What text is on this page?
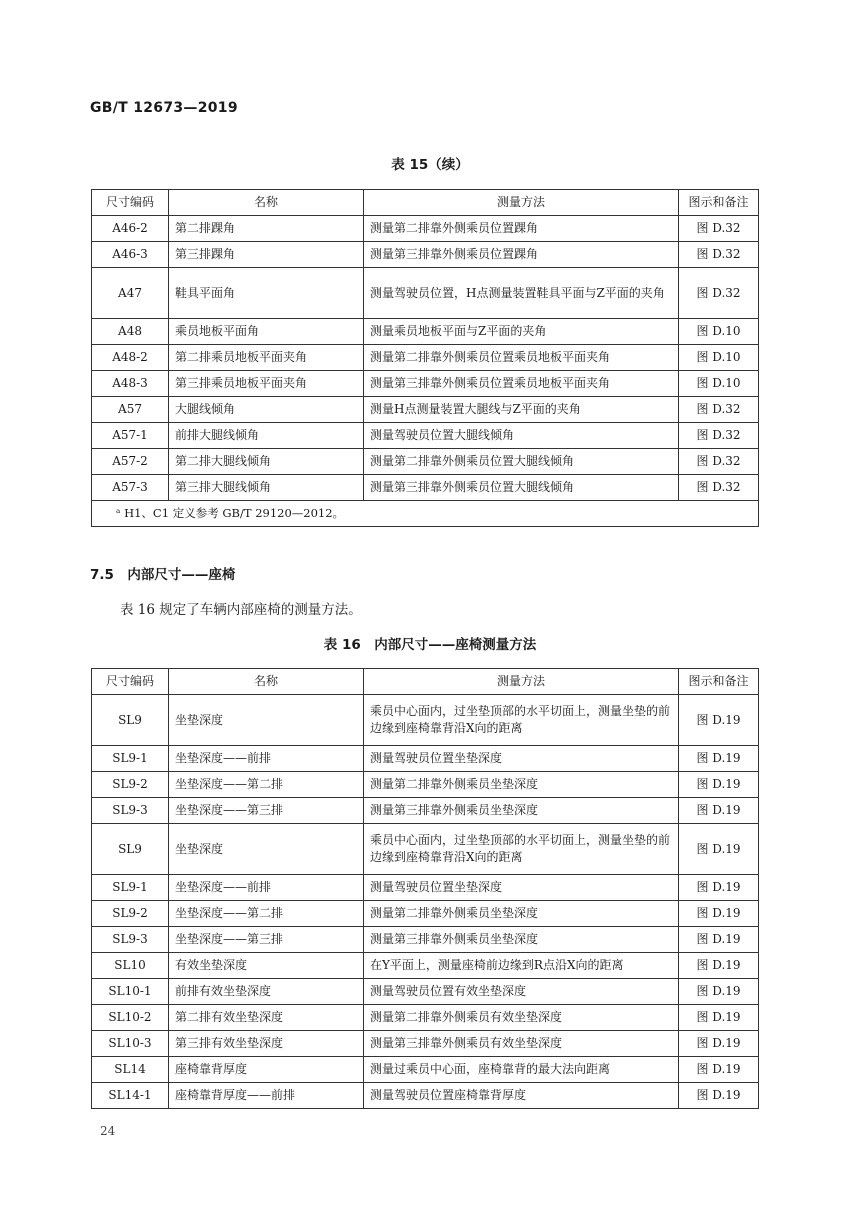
GB/T 12673—2019
表 15（续）
尺寸编码	名称	测量方法	图示和备注
A46-2	第二排踝角	测量第二排靠外侧乘员位置踝角	图 D.32
A46-3	第三排踝角	测量第三排靠外侧乘员位置踝角	图 D.32
A47	鞋具平面角	测量驾驶员位置，H点测量装置鞋具平面与Z平面的夹角	图 D.32
A48	乘员地板平面角	测量乘员地板平面与Z平面的夹角	图 D.10
A48-2	第二排乘员地板平面夹角	测量第二排靠外侧乘员位置乘员地板平面夹角	图 D.10
A48-3	第三排乘员地板平面夹角	测量第三排靠外侧乘员位置乘员地板平面夹角	图 D.10
A57	大腿线倾角	测量H点测量装置大腿线与Z平面的夹角	图 D.32
A57-1	前排大腿线倾角	测量驾驶员位置大腿线倾角	图 D.32
A57-2	第二排大腿线倾角	测量第二排靠外侧乘员位置大腿线倾角	图 D.32
A57-3	第三排大腿线倾角	测量第三排靠外侧乘员位置大腿线倾角	图 D.32
ᵃ H1、C1 定义参考 GB/T 29120—2012。			
7.5　内部尺寸——座椅
表 16 规定了车辆内部座椅的测量方法。
表 16　内部尺寸——座椅测量方法
尺寸编码	名称	测量方法	图示和备注
SL9	坐垫深度	乘员中心面内，过坐垫顶部的水平切面上，测量坐垫的前边缘到座椅靠背沿X向的距离	图 D.19
SL9-1	坐垫深度——前排	测量驾驶员位置坐垫深度	图 D.19
SL9-2	坐垫深度——第二排	测量第二排靠外侧乘员坐垫深度	图 D.19
SL9-3	坐垫深度——第三排	测量第三排靠外侧乘员坐垫深度	图 D.19
SL9	坐垫深度	乘员中心面内，过坐垫顶部的水平切面上，测量坐垫的前边缘到座椅靠背沿X向的距离	图 D.19
SL9-1	坐垫深度——前排	测量驾驶员位置坐垫深度	图 D.19
SL9-2	坐垫深度——第二排	测量第二排靠外侧乘员坐垫深度	图 D.19
SL9-3	坐垫深度——第三排	测量第三排靠外侧乘员坐垫深度	图 D.19
SL10	有效坐垫深度	在Y平面上，测量座椅前边缘到R点沿X向的距离	图 D.19
SL10-1	前排有效坐垫深度	测量驾驶员位置有效坐垫深度	图 D.19
SL10-2	第二排有效坐垫深度	测量第二排靠外侧乘员有效坐垫深度	图 D.19
SL10-3	第三排有效坐垫深度	测量第三排靠外侧乘员有效坐垫深度	图 D.19
SL14	座椅靠背厚度	测量过乘员中心面，座椅靠背的最大法向距离	图 D.19
SL14-1	座椅靠背厚度——前排	测量驾驶员位置座椅靠背厚度	图 D.19
24
